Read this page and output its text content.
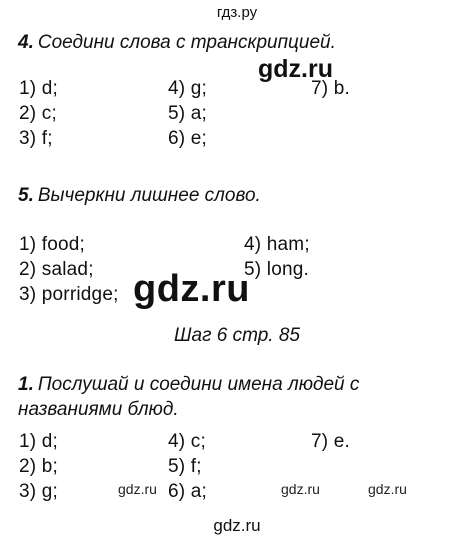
гдз.ру
4. Соедини слова с транскрипцией.
gdz.ru
1) d;
2) c;
3) f;
4) g;
5) a;
6) e;
7) b.
5. Вычеркни лишнее слово.
1) food;
2) salad;
3) porridge;
4) ham;
5) long.
gdz.ru
Шаг 6 стр. 85
1. Послушай и соедини имена людей с
названиями блюд.
1) d;
2) b;
3) g;
4) c;
5) f;
6) a;
7) e.
gdz.ru	gdz.ru	gdz.ru
gdz.ru
